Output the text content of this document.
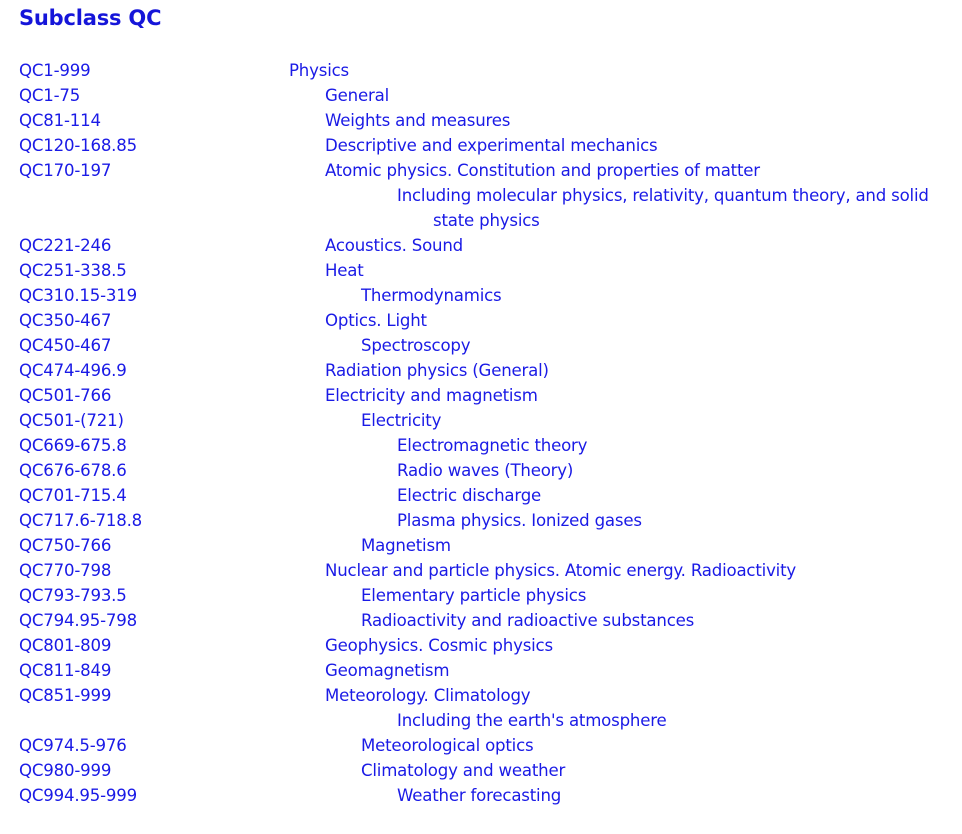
Subclass QC
QC1-999	Physics
QC1-75	General
QC81-114	Weights and measures
QC120-168.85	Descriptive and experimental mechanics
QC170-197	Atomic physics. Constitution and properties of matter
Including molecular physics, relativity, quantum theory, and solid state physics
QC221-246	Acoustics. Sound
QC251-338.5	Heat
QC310.15-319	Thermodynamics
QC350-467	Optics. Light
QC450-467	Spectroscopy
QC474-496.9	Radiation physics (General)
QC501-766	Electricity and magnetism
QC501-(721)	Electricity
QC669-675.8	Electromagnetic theory
QC676-678.6	Radio waves (Theory)
QC701-715.4	Electric discharge
QC717.6-718.8	Plasma physics. Ionized gases
QC750-766	Magnetism
QC770-798	Nuclear and particle physics. Atomic energy. Radioactivity
QC793-793.5	Elementary particle physics
QC794.95-798	Radioactivity and radioactive substances
QC801-809	Geophysics. Cosmic physics
QC811-849	Geomagnetism
QC851-999	Meteorology. Climatology
Including the earth's atmosphere
QC974.5-976	Meteorological optics
QC980-999	Climatology and weather
QC994.95-999	Weather forecasting
